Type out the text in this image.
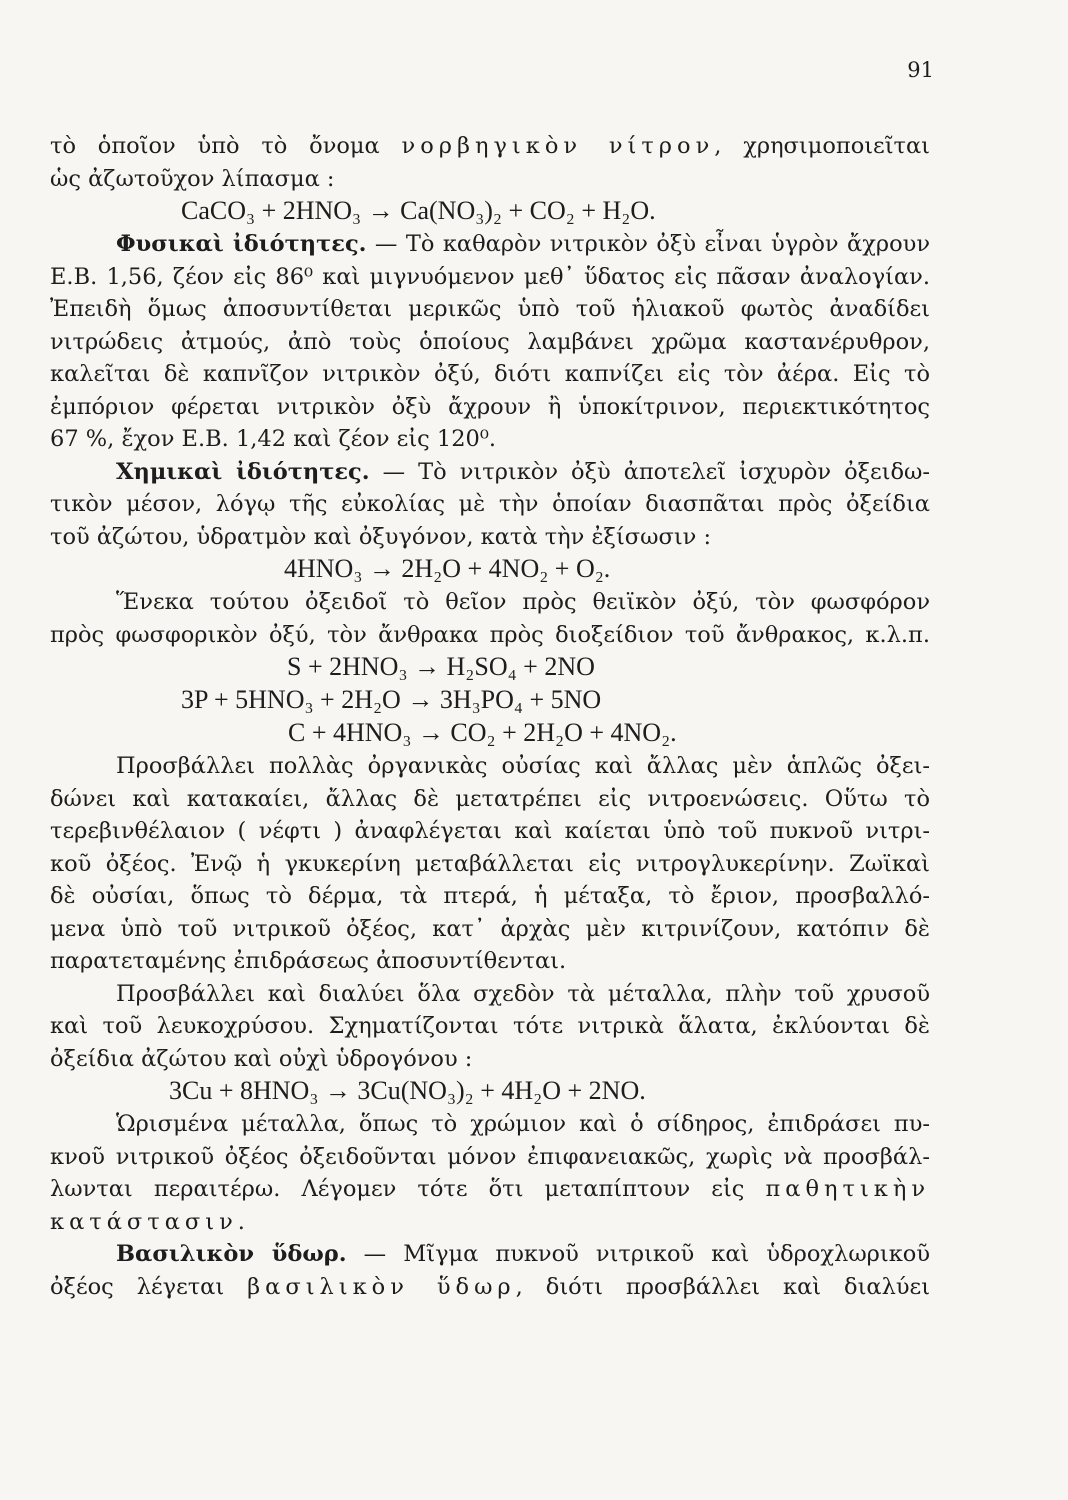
91
τὸ ὁποῖον ὑπὸ τὸ ὄνομα νορβηγικὸν νίτρον, χρησιμοποιεῖται
ὡς ἀζωτοῦχον λίπασμα :
CaCO₃ + 2HNO₃ → Ca(NO₃)₂ + CO₂ + H₂O.
Φυσικαὶ ἰδιότητες. — Τὸ καθαρὸν νιτρικὸν ὀξὺ εἶναι ὑγρὸν ἄχρουν
Ε.Β. 1,56, ζέον εἰς 86⁰ καὶ μιγνυόμενον μεθ᾿ ὕδατος εἰς πᾶσαν ἀναλογίαν.
Ἐπειδὴ ὅμως ἀποσυντίθεται μερικῶς ὑπὸ τοῦ ἡλιακοῦ φωτὸς ἀναδίδει
νιτρώδεις ἀτμούς, ἀπὸ τοὺς ὁποίους λαμβάνει χρῶμα καστανέρυθρον,
καλεῖται δὲ καπνῖζον νιτρικὸν ὀξύ, διότι καπνίζει εἰς τὸν ἀέρα. Εἰς τὸ
ἐμπόριον φέρεται νιτρικὸν ὀξὺ ἄχρουν ἢ ὑποκίτρινον, περιεκτικότητος
67 %, ἔχον Ε.Β. 1,42 καὶ ζέον εἰς 120⁰.
Χημικαὶ ἰδιότητες. — Τὸ νιτρικὸν ὀξὺ ἀποτελεῖ ἰσχυρὸν ὀξειδω-
τικὸν μέσον, λόγῳ τῆς εὐκολίας μὲ τὴν ὁποίαν διασπᾶται πρὸς ὀξείδια
τοῦ ἀζώτου, ὑδρατμὸν καὶ ὀξυγόνον, κατὰ τὴν ἐξίσωσιν :
4HNO₃ → 2H₂O + 4NO₂ + O₂.
Ἕνεκα τούτου ὀξειδοῖ τὸ θεῖον πρὸς θειϊκὸν ὀξύ, τὸν φωσφόρον
πρὸς φωσφορικὸν ὀξύ, τὸν ἄνθρακα πρὸς διοξείδιον τοῦ ἄνθρακος, κ.λ.π.
S + 2HNO₃ → H₂SO₄ + 2NO
3P + 5HNO₃ + 2H₂O → 3H₃PO₄ + 5NO
C + 4HNO₃ → CO₂ + 2H₂O + 4NO₂.
Προσβάλλει πολλὰς ὀργανικὰς οὐσίας καὶ ἄλλας μὲν ἁπλῶς ὀξει-
δώνει καὶ κατακαίει, ἄλλας δὲ μετατρέπει εἰς νιτροενώσεις. Οὕτω τὸ
τερεβινθέλαιον ( νέφτι ) ἀναφλέγεται καὶ καίεται ὑπὸ τοῦ πυκνοῦ νιτρι-
κοῦ ὀξέος. Ἐνῷ ἡ γκυκερίνη μεταβάλλεται εἰς νιτρογλυκερίνην. Ζωϊκαὶ
δὲ οὐσίαι, ὅπως τὸ δέρμα, τὰ πτερά, ἡ μέταξα, τὸ ἔριον, προσβαλλό-
μενα ὑπὸ τοῦ νιτρικοῦ ὀξέος, κατ᾿ ἀρχὰς μὲν κιτρινίζουν, κατόπιν δὲ
παρατεταμένης ἐπιδράσεως ἀποσυντίθενται.
Προσβάλλει καὶ διαλύει ὅλα σχεδὸν τὰ μέταλλα, πλὴν τοῦ χρυσοῦ
καὶ τοῦ λευκοχρύσου. Σχηματίζονται τότε νιτρικὰ ἅλατα, ἐκλύονται δὲ
ὀξείδια ἀζώτου καὶ οὐχὶ ὑδρογόνου :
3Cu + 8HNO₃ → 3Cu(NO₃)₂ + 4H₂O + 2NO.
Ὡρισμένα μέταλλα, ὅπως τὸ χρώμιον καὶ ὁ σίδηρος, ἐπιδράσει πυ-
κνοῦ νιτρικοῦ ὀξέος ὀξειδοῦνται μόνον ἐπιφανειακῶς, χωρὶς νὰ προσβάλ-
λωνται περαιτέρω. Λέγομεν τότε ὅτι μεταπίπτουν εἰς παθητικὴν
κατάστασιν.
Βασιλικὸν ὕδωρ. — Μῖγμα πυκνοῦ νιτρικοῦ καὶ ὑδροχλωρικοῦ
ὀξέος λέγεται βασιλικὸν ὕδωρ, διότι προσβάλλει καὶ διαλύει
